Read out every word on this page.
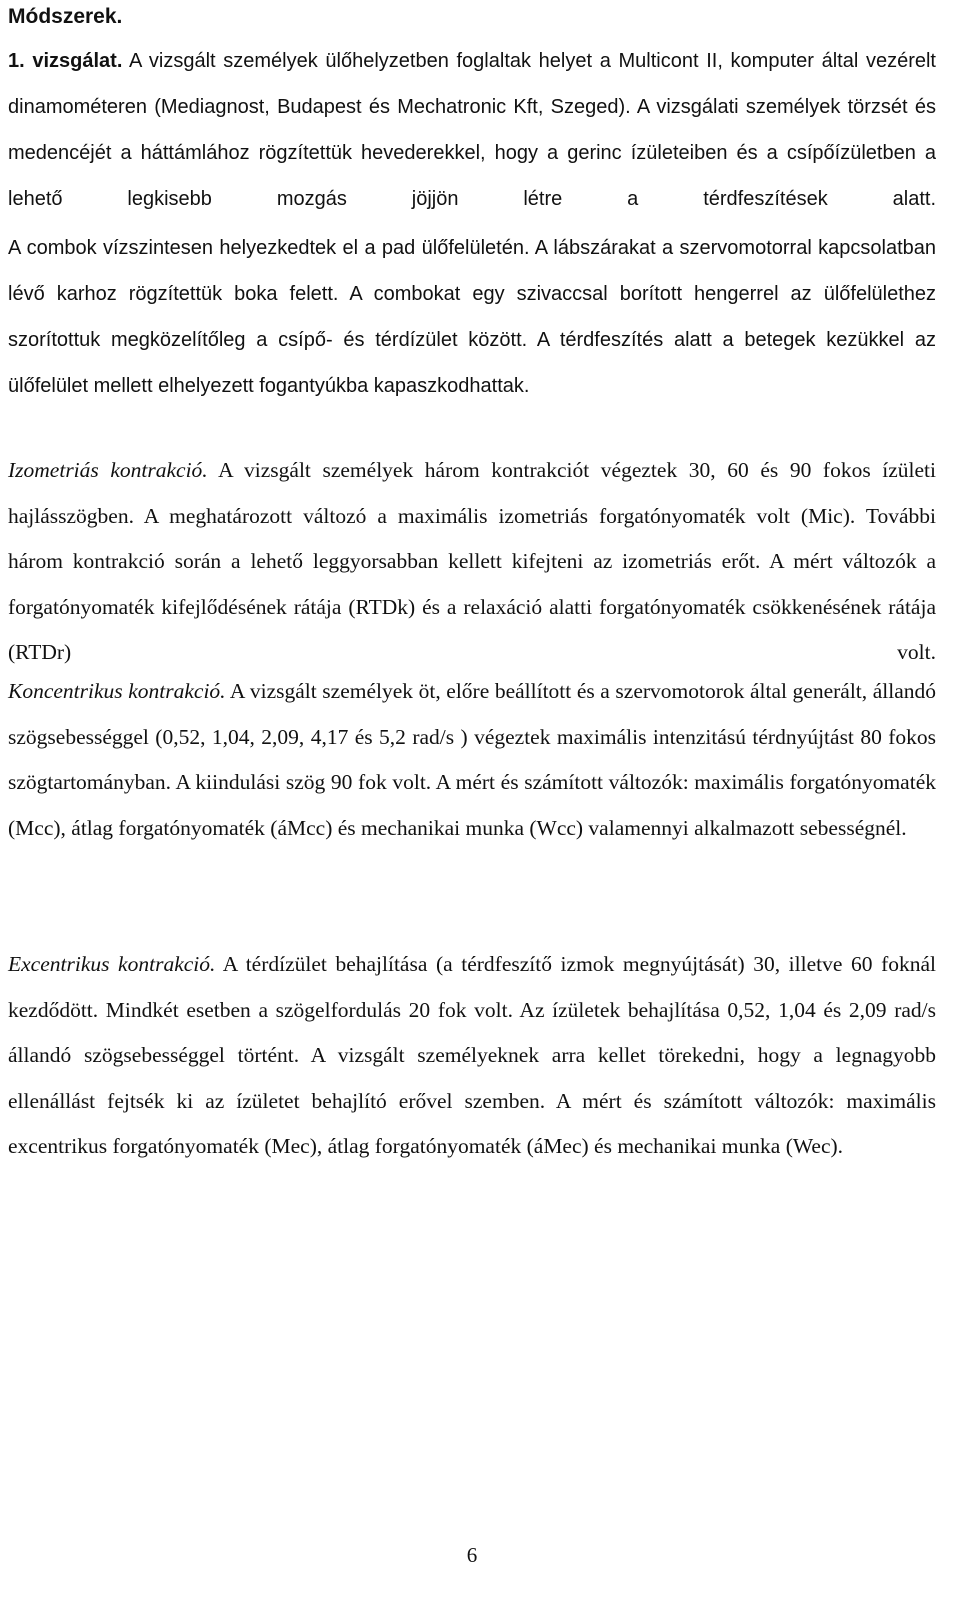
Módszerek.

1. vizsgálat. A vizsgált személyek ülőhelyzetben foglaltak helyet a Multicont II, komputer által vezérelt dinamométeren (Mediagnost, Budapest és Mechatronic Kft, Szeged). A vizsgálati személyek törzsét és medencéjét a háttámlához rögzítettük hevederekkel, hogy a gerinc ízületeiben és a csípőízületben a lehető legkisebb mozgás jöjjön létre a térdfeszítések alatt.

A combok vízszintesen helyezkedtek el a pad ülőfelületén. A lábszárakat a szervomotorral kapcsolatban lévő karhoz rögzítettük boka felett. A combokat egy szivaccsal borított hengerrel az ülőfelülethez szorítottuk megközelítőleg a csípő- és térdízület között. A térdfeszítés alatt a betegek kezükkel az ülőfelület mellett elhelyezett fogantyúkba kapaszkodhattak.

Izometriás kontrakció. A vizsgált személyek három kontrakciót végeztek 30, 60 és 90 fokos ízületi hajlásszögben. A meghatározott változó a maximális izometriás forgatónyomaték volt (Mic). További három kontrakció során a lehető leggyorsabban kellett kifejteni az izometriás erőt. A mért változók a forgatónyomaték kifejlődésének rátája (RTDk) és a relaxáció alatti forgatónyomaték csökkenésének rátája (RTDr) volt.

Koncentrikus kontrakció. A vizsgált személyek öt, előre beállított és a szervomotorok által generált, állandó szögsebességgel (0,52, 1,04, 2,09, 4,17 és 5,2 rad/s ) végeztek maximális intenzitású térdnyújtást 80 fokos szögtartományban. A kiindulási szög 90 fok volt. A mért és számított változók: maximális forgatónyomaték (Mcc), átlag forgatónyomaték (áMcc) és mechanikai munka (Wcc) valamennyi alkalmazott sebességnél.

Excentrikus kontrakció. A térdízület behajlítása (a térdfeszítő izmok megnyújtását) 30, illetve 60 foknál kezdődött. Mindkét esetben a szögelfordulás 20 fok volt. Az ízületek behajlítása 0,52, 1,04 és 2,09 rad/s állandó szögsebességgel történt. A vizsgált személyeknek arra kellet törekedni, hogy a legnagyobb ellenállást fejtsék ki az ízületet behajlító erővel szemben. A mért és számított változók: maximális excentrikus forgatónyomaték (Mec), átlag forgatónyomaték (áMec) és mechanikai munka (Wec).

6
